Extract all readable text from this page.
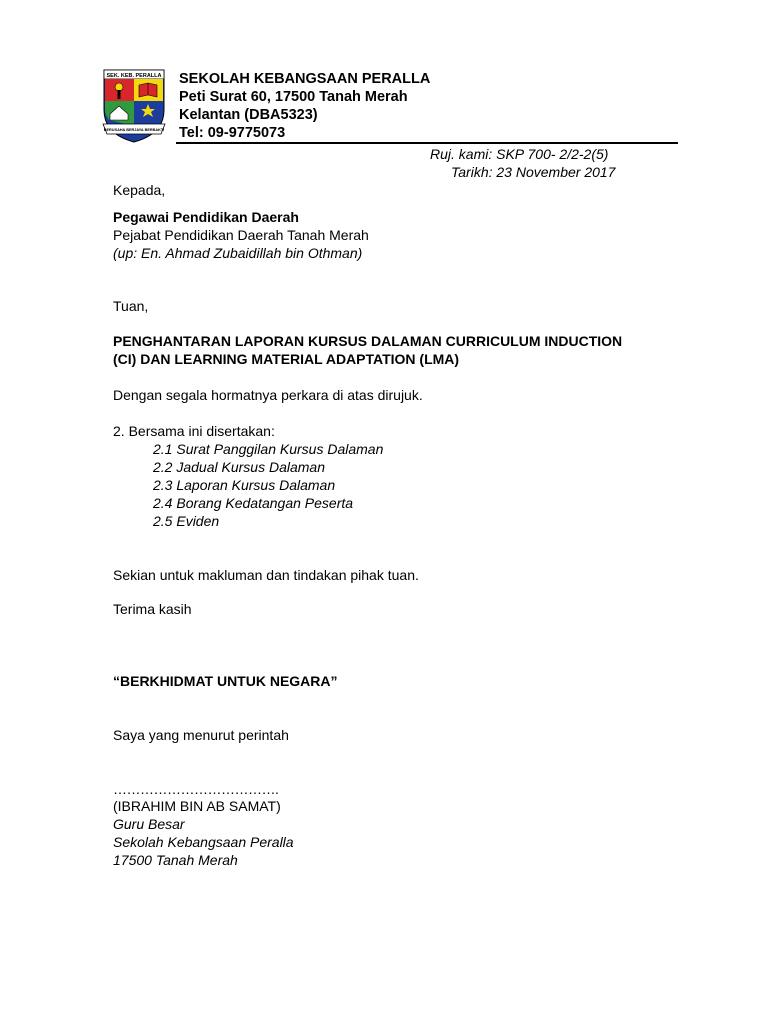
SEK. KEB. PERALLA
BERUSAHA BERJAYA BERBAKTI
SEKOLAH KEBANGSAAN PERALLA
Peti Surat 60, 17500 Tanah Merah
Kelantan (DBA5323)
Tel: 09-9775073
Ruj. kami: SKP 700- 2/2-2(5)
Tarikh: 23 November 2017
Kepada,
Pegawai Pendidikan Daerah
Pejabat Pendidikan Daerah Tanah Merah
(up: En. Ahmad Zubaidillah bin Othman)
Tuan,
PENGHANTARAN LAPORAN KURSUS DALAMAN CURRICULUM INDUCTION
(CI) DAN LEARNING MATERIAL ADAPTATION (LMA)
Dengan segala hormatnya perkara di atas dirujuk.
2. Bersama ini disertakan:
2.1 Surat Panggilan Kursus Dalaman
2.2 Jadual Kursus Dalaman
2.3 Laporan Kursus Dalaman
2.4 Borang Kedatangan Peserta
2.5 Eviden
Sekian untuk makluman dan tindakan pihak tuan.
Terima kasih
“BERKHIDMAT UNTUK NEGARA”
Saya yang menurut perintah
……………………………….
(IBRAHIM BIN AB SAMAT)
Guru Besar
Sekolah Kebangsaan Peralla
17500 Tanah Merah
